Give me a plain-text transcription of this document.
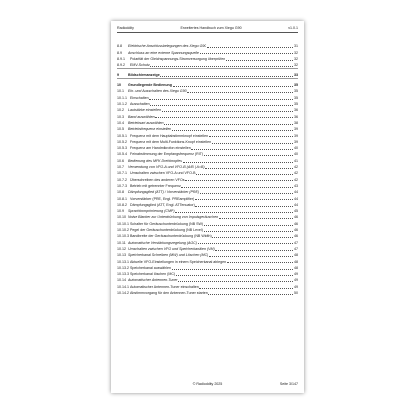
Radioddity	Erweitertes Handbuch zum Xiegu G90	v1.0.1
8.8	Elektrische Anschlussbelegungen des Xiegu G90	31
8.9	Anschluss an eine externe Spannungsquelle	32
8.9.1	Polarität der Gleichspannungs-Stromversorgung überprüfen	32
8.9.2	EMV-Schutz	32
9	Bildschirmanzeige	33
10	Grundlegende Bedienung	35
10.1	Ein- und Ausschalten des Xiegu G90	35
10.1.1 Einschalten	35
10.1.2 Ausschalten	35
10.2	Lautstärke einstellen	36
10.3	Band auswählen	36
10.4	Betriebsart auswählen	38
10.5	Betriebsfrequenz einstellen	39
10.5.1 Frequenz mit dem Hauptabstimmknopf einstellen	39
10.5.2 Frequenz mit dem Multi-Funktions-Knopf einstellen	39
10.5.3 Frequenz am Handmikrofon einstellen	40
10.5.4 Feinabstimmung der Empfangsfrequenz (RIT)	40
10.6	Bedienung des MFK Drehknopfes	41
10.7	Verwendung von VFO-A und VFO-B (A/B | A=B)	42
10.7.1 Umschalten zwischen VFO-A und VFO-B	42
10.7.2 Überschreiben des anderen VFOs	42
10.7.3 Betrieb mit getrennter Frequenz	43
10.8	Dämpfungsglied (ATT) / Vorverstärker (PRE)	44
10.8.1 Vorverstärker (PRE, Engl. PREamplifier)	44
10.8.2 Dämpfungsglied (ATT, Engl. ATTenuator)	44
10.9	Sprachkomprimierung (CMP)	45
10.10 Noise Blanker zur Unterdrückung von Impulsgeräuschen	46
10.10.1 Schalter für Geräuschunterdrückung (NB SW)	46
10.10.2 Pegel der Geräuschunterdrückung (NB Level)	46
10.10.3 Bandbreite der Geräuschunterdrückung (NB Width)	46
10.11 Automatische Verstärkungsregelung (AGC)	47
10.12 Umschalten zwischen VFO und Speicherkanälen (VM)	47
10.13 Speicherkanal Schreiben (MW) und Löschen (MC)	48
10.13.1 Aktuelle VFO-Einstellungen in einem Speicherkanal ablegen	48
10.13.2 Speicherkanal auswählen	48
10.13.3 Speicherkanal löschen (MC)	49
10.14 Automatischer Antennen-Tuner	49
10.14.1 Automatischer Antennen-Tuner einschalten	49
10.14.2 Abstimmvorgang für den Antennen-Tuner starten	50
© Radioddity 2025	Seite 3/147
